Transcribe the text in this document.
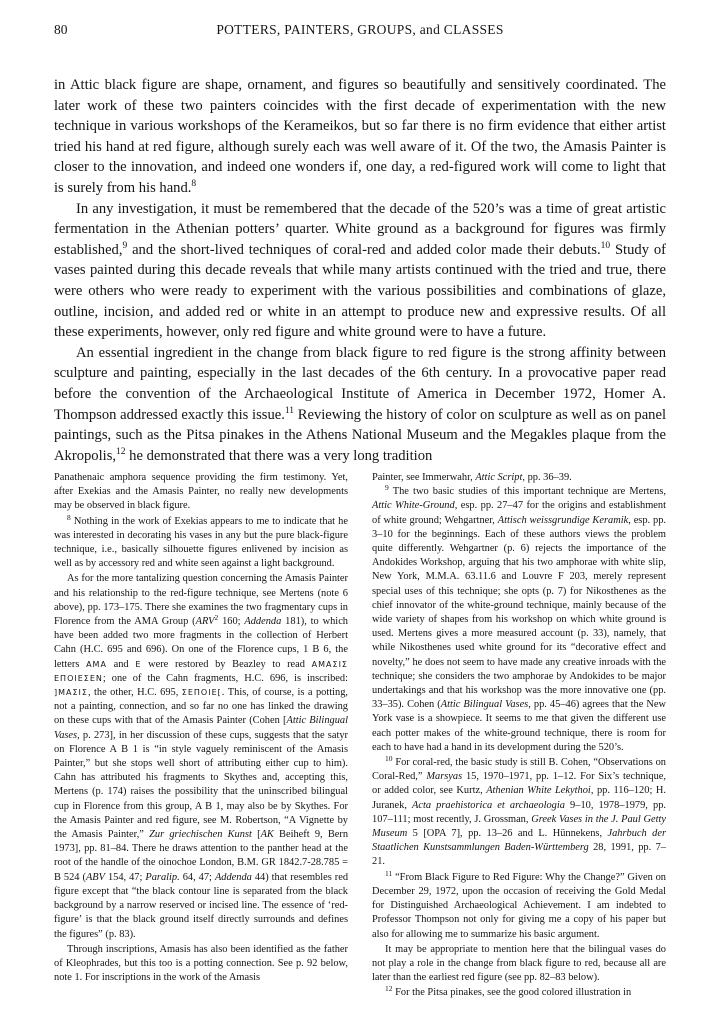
80	POTTERS, PAINTERS, GROUPS, and CLASSES

in Attic black figure are shape, ornament, and figures so beautifully and sensitively coordinated. The later work of these two painters coincides with the first decade of experimentation with the new technique in various workshops of the Kerameikos, but so far there is no firm evidence that either artist tried his hand at red figure, although surely each was well aware of it. Of the two, the Amasis Painter is closer to the innovation, and indeed one wonders if, one day, a red-figured work will come to light that is surely from his hand.$^8$

In any investigation, it must be remembered that the decade of the 520’s was a time of great artistic fermentation in the Athenian potters’ quarter. White ground as a background for figures was firmly established,$^9$ and the short-lived techniques of coral-red and added color made their debuts.$^{10}$ Study of vases painted during this decade reveals that while many artists continued with the tried and true, there were others who were ready to experiment with the various possibilities and combinations of glaze, outline, incision, and added red or white in an attempt to produce new and expressive results. Of all these experiments, however, only red figure and white ground were to have a future.

An essential ingredient in the change from black figure to red figure is the strong affinity between sculpture and painting, especially in the last decades of the 6th century. In a provocative paper read before the convention of the Archaeological Institute of America in December 1972, Homer A. Thompson addressed exactly this issue.$^{11}$ Reviewing the history of color on sculpture as well as on panel paintings, such as the Pitsa pinakes in the Athens National Museum and the Megakles plaque from the Akropolis,$^{12}$ he demonstrated that there was a very long tradition

Panathenaic amphora sequence providing the firm testimony. Yet, after Exekias and the Amasis Painter, no really new developments may be observed in black figure.

$^8$ Nothing in the work of Exekias appears to me to indicate that he was interested in decorating his vases in any but the pure black-figure technique, i.e., basically silhouette figures enlivened by incision as well as by accessory red and white seen against a light background.

As for the more tantalizing question concerning the Amasis Painter and his relationship to the red-figure technique, see Mertens (note 6 above), pp. 173–175. There she examines the two fragmentary cups in Florence from the AMA Group (ARV$^2$ 160; Addenda 181), to which have been added two more fragments in the collection of Herbert Cahn (H.C. 695 and 696). On one of the Florence cups, 1 B 6, the letters ΑΜΑ and Ε were restored by Beazley to read ΑΜΑΣΙΣ ΕΠΟΙΕΣΕΝ; one of the Cahn fragments, H.C. 696, is inscribed: ]ΜΑΣΙΣ, the other, H.C. 695, ΣΕΠΟΙΕ[. This, of course, is a potting, not a painting, connection, and so far no one has linked the drawing on these cups with that of the Amasis Painter (Cohen [Attic Bilingual Vases, p. 273], in her discussion of these cups, suggests that the satyr on Florence A B 1 is “in style vaguely reminiscent of the Amasis Painter,” but she stops well short of attributing either cup to him). Cahn has attributed his fragments to Skythes and, accepting this, Mertens (p. 174) raises the possibility that the uninscribed bilingual cup in Florence from this group, A B 1, may also be by Skythes. For the Amasis Painter and red figure, see M. Robertson, “A Vignette by the Amasis Painter,” Zur griechischen Kunst [AK Beiheft 9, Bern 1973], pp. 81–84. There he draws attention to the panther head at the root of the handle of the oinochoe London, B.M. GR 1842.7-28.785 = B 524 (ABV 154, 47; Paralip. 64, 47; Addenda 44) that resembles red figure except that “the black contour line is separated from the black background by a narrow reserved or incised line. The essence of ‘red-figure’ is that the black ground itself directly surrounds and defines the figures” (p. 83).

Through inscriptions, Amasis has also been identified as the father of Kleophrades, but this too is a potting connection. See p. 92 below, note 1. For inscriptions in the work of the Amasis

Painter, see Immerwahr, Attic Script, pp. 36–39.

$^9$ The two basic studies of this important technique are Mertens, Attic White-Ground, esp. pp. 27–47 for the origins and establishment of white ground; Wehgartner, Attisch weissgrundige Keramik, esp. pp. 3–10 for the beginnings. Each of these authors views the problem quite differently. Wehgartner (p. 6) rejects the importance of the Andokides Workshop, arguing that his two amphorae with white slip, New York, M.M.A. 63.11.6 and Louvre F 203, merely represent special uses of this technique; she opts (p. 7) for Nikosthenes as the chief innovator of the white-ground technique, mainly because of the wide variety of shapes from his workshop on which white ground is used. Mertens gives a more measured account (p. 33), namely, that while Nikosthenes used white ground for its “decorative effect and novelty,” he does not seem to have made any creative inroads with the technique; she considers the two amphorae by Andokides to be major undertakings and that his workshop was the more innovative one (pp. 33–35). Cohen (Attic Bilingual Vases, pp. 45–46) agrees that the New York vase is a showpiece. It seems to me that given the different use each potter makes of the white-ground technique, there is room for each to have had a hand in its development during the 520’s.

$^{10}$ For coral-red, the basic study is still B. Cohen, “Observations on Coral-Red,” Marsyas 15, 1970–1971, pp. 1–12. For Six’s technique, or added color, see Kurtz, Athenian White Lekythoi, pp. 116–120; H. Juranek, Acta praehistorica et archaeologia 9–10, 1978–1979, pp. 107–111; most recently, J. Grossman, Greek Vases in the J. Paul Getty Museum 5 [OPA 7], pp. 13–26 and L. Hünnekens, Jahrbuch der Staatlichen Kunstsammlungen Baden-Württemberg 28, 1991, pp. 7–21.

$^{11}$ “From Black Figure to Red Figure: Why the Change?” Given on December 29, 1972, upon the occasion of receiving the Gold Medal for Distinguished Archaeological Achievement. I am indebted to Professor Thompson not only for giving me a copy of his paper but also for allowing me to summarize his basic argument.

It may be appropriate to mention here that the bilingual vases do not play a role in the change from black figure to red, because all are later than the earliest red figure (see pp. 82–83 below).

$^{12}$ For the Pitsa pinakes, see the good colored illustration in
